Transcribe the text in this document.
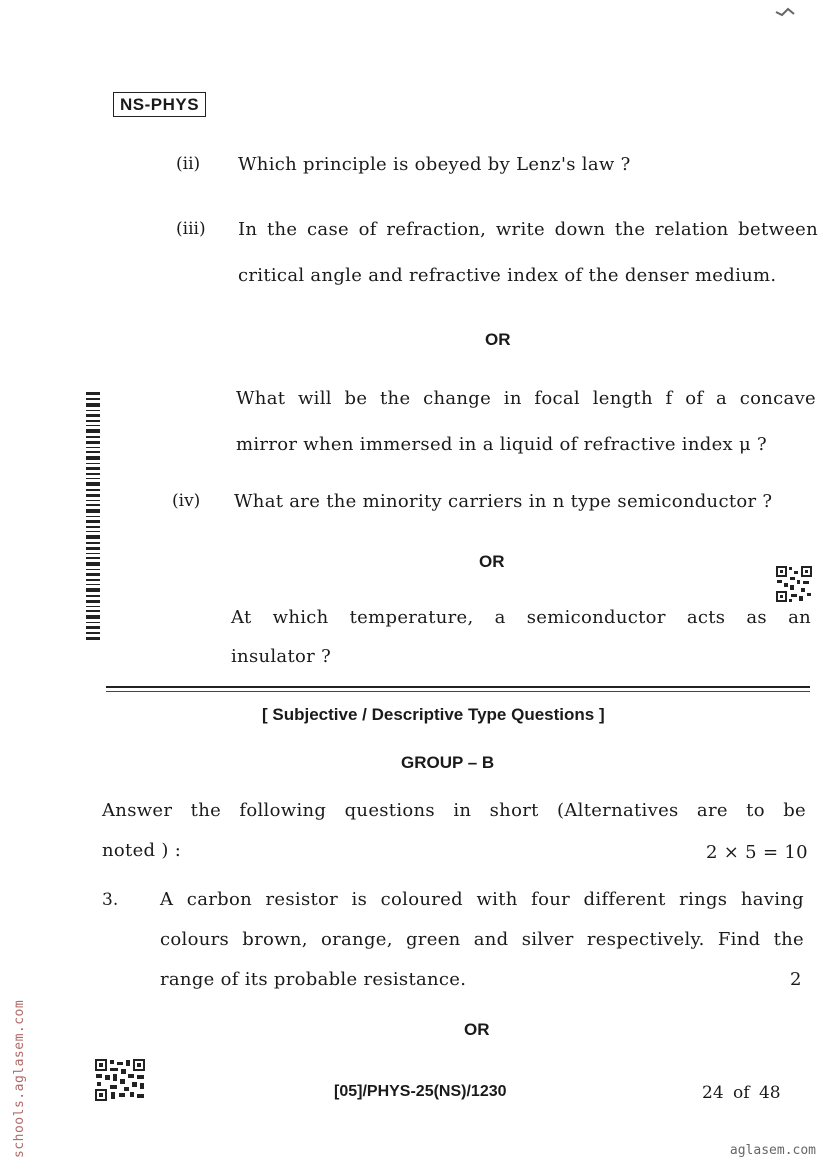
NS-PHYS
(ii) Which principle is obeyed by Lenz's law ?
(iii) In the case of refraction, write down the relation between
critical angle and refractive index of the denser medium.
OR
What will be the change in focal length f of a concave
mirror when immersed in a liquid of refractive index μ ?
(iv) What are the minority carriers in n type semiconductor ?
OR
At which temperature, a semiconductor acts as an
insulator ?
[ Subjective / Descriptive Type Questions ]
GROUP – B
Answer the following questions in short (Alternatives are to be
noted ) :	2 × 5 = 10
3. A carbon resistor is coloured with four different rings having
colours brown, orange, green and silver respectively. Find the
range of its probable resistance.	2
OR
[05]/PHYS-25(NS)/1230	24 of 48
schools.aglasem.com	aglasem.com
